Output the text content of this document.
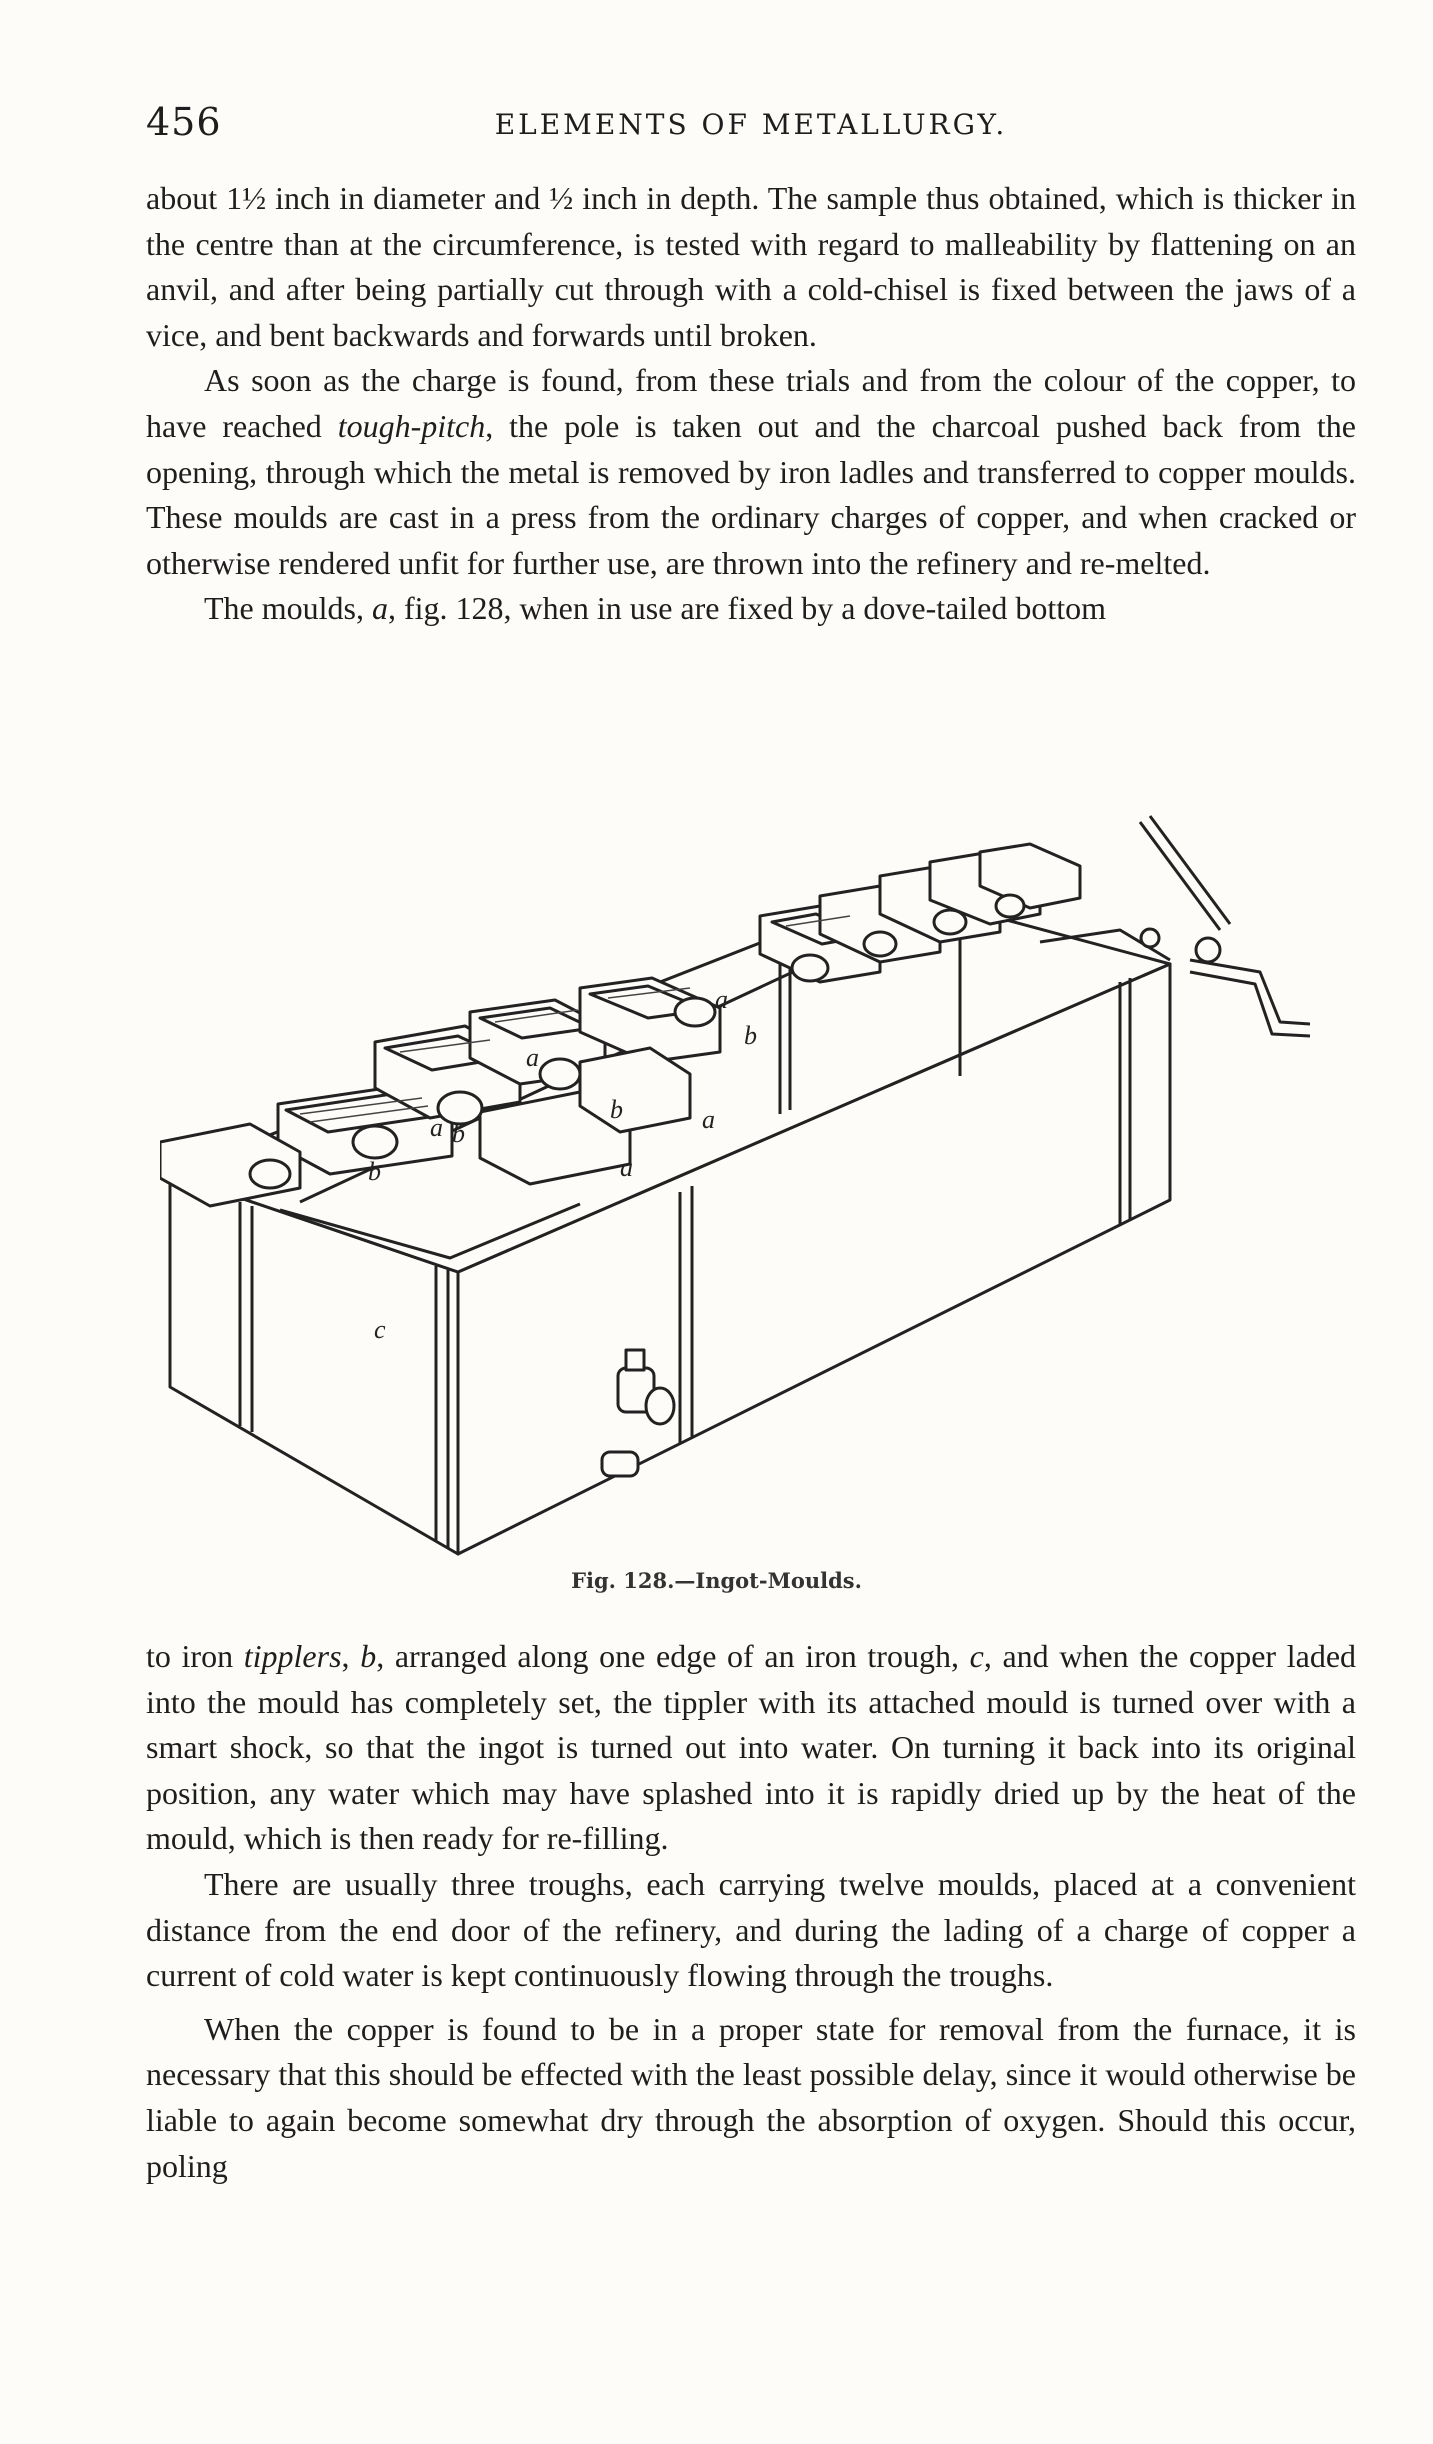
456	ELEMENTS OF METALLURGY.

about 1½ inch in diameter and ½ inch in depth. The sample thus obtained, which is thicker in the centre than at the circumference, is tested with regard to malleability by flattening on an anvil, and after being partially cut through with a cold-chisel is fixed between the jaws of a vice, and bent backwards and forwards until broken.

As soon as the charge is found, from these trials and from the colour of the copper, to have reached tough-pitch, the pole is taken out and the charcoal pushed back from the opening, through which the metal is removed by iron ladles and transferred to copper moulds. These moulds are cast in a press from the ordinary charges of copper, and when cracked or otherwise rendered unfit for further use, are thrown into the refinery and re-melted.

The moulds, a, fig. 128, when in use are fixed by a dove-tailed bottom

a
a
a
a
a
b
b
b
b
c
Fig. 128.—Ingot-Moulds.

to iron tipplers, b, arranged along one edge of an iron trough, c, and when the copper laded into the mould has completely set, the tippler with its attached mould is turned over with a smart shock, so that the ingot is turned out into water. On turning it back into its original position, any water which may have splashed into it is rapidly dried up by the heat of the mould, which is then ready for re-filling.

There are usually three troughs, each carrying twelve moulds, placed at a convenient distance from the end door of the refinery, and during the lading of a charge of copper a current of cold water is kept continuously flowing through the troughs.

When the copper is found to be in a proper state for removal from the furnace, it is necessary that this should be effected with the least possible delay, since it would otherwise be liable to again become somewhat dry through the absorption of oxygen. Should this occur, poling
